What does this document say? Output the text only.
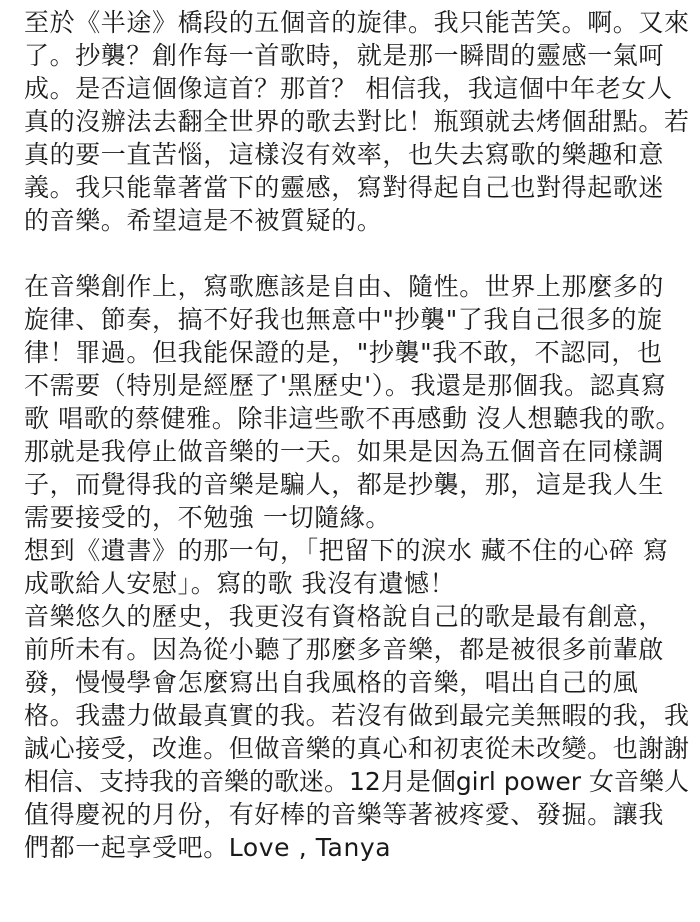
至於《半途》橋段的五個音的旋律。我只能苦笑。啊。又來
了。抄襲？創作每一首歌時，就是那一瞬間的靈感一氣呵
成。是否這個像這首？那首？ 相信我，我這個中年老女人
真的沒辦法去翻全世界的歌去對比！瓶頸就去烤個甜點。若
真的要一直苦惱，這樣沒有效率，也失去寫歌的樂趣和意
義。我只能靠著當下的靈感，寫對得起自己也對得起歌迷
的音樂。希望這是不被質疑的。
在音樂創作上，寫歌應該是自由、隨性。世界上那麼多的
旋律、節奏，搞不好我也無意中"抄襲"了我自己很多的旋
律！罪過。但我能保證的是，"抄襲"我不敢，不認同，也
不需要（特別是經歷了'黑歷史'）。我還是那個我。認真寫
歌 唱歌的蔡健雅。除非這些歌不再感動 沒人想聽我的歌。
那就是我停止做音樂的一天。如果是因為五個音在同樣調
子，而覺得我的音樂是騙人，都是抄襲，那，這是我人生
需要接受的，不勉強 一切隨緣。
想到《遺書》的那一句，「把留下的淚水 藏不住的心碎 寫
成歌給人安慰」。寫的歌 我沒有遺憾！
音樂悠久的歷史，我更沒有資格說自己的歌是最有創意，
前所未有。因為從小聽了那麼多音樂，都是被很多前輩啟
發，慢慢學會怎麼寫出自我風格的音樂，唱出自己的風
格。我盡力做最真實的我。若沒有做到最完美無暇的我，我
誠心接受，改進。但做音樂的真心和初衷從未改變。也謝謝
相信、支持我的音樂的歌迷。12月是個girl power 女音樂人
值得慶祝的月份，有好棒的音樂等著被疼愛、發掘。讓我
們都一起享受吧。Love , Tanya
